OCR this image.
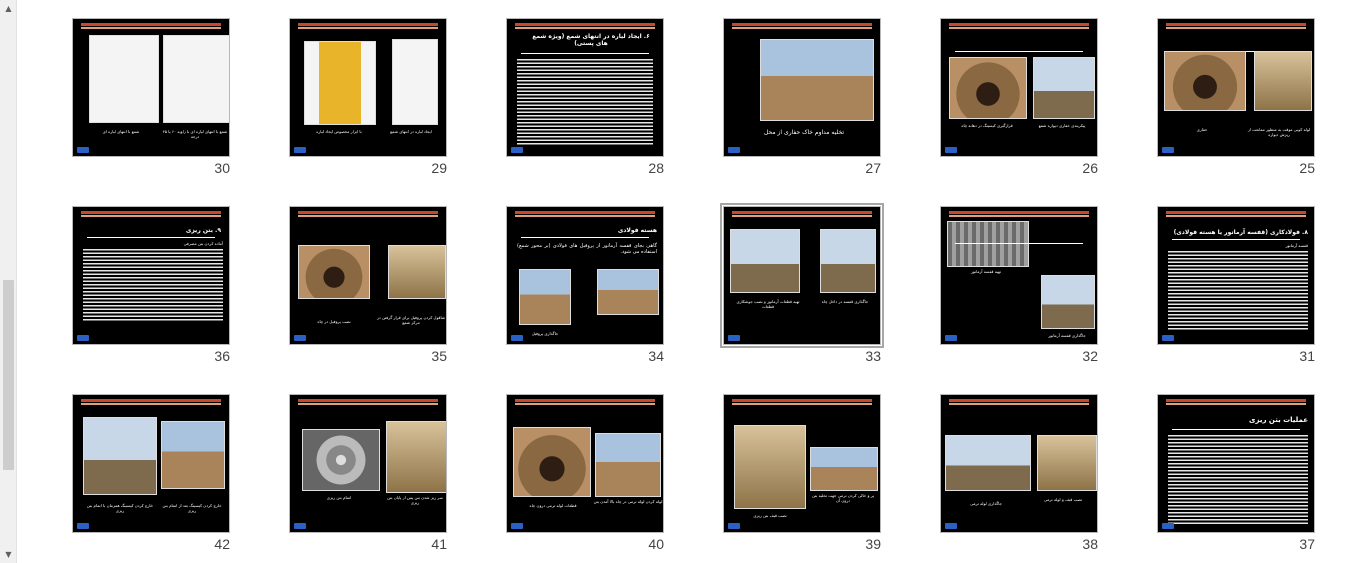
▲
▼
لوله کوبی موقت به منظور ممانعت از ریزش دیواره
حفاری
25
پیکربندی حفاری دیواره شمع
قرارگیری کیسینگ در دهانه چاه
26
تخلیه مداوم خاک حفاری از محل
27
۶. ایجاد لیاره در انتهای شمع (ویژه شمع های پستی)
28
ایجاد لیاره در انتهای شمع
با ابزار مخصوص ایجاد لیاره
29
شمع با انتهای لیاره ای با زاویه ۶۰ یا ۴۵ درجه
شمع با انتهای لیاره ای
30
۸. فولادکاری (قفسه آرماتور یا هسته فولادی)
قفسه آرماتور
31
تهیه قفسه آرماتور
جاگذاری قفسه آرماتور
32
جاگذاری قفسه در داخل چاه
تهیه قطعات آرماتور و نصب جوشکاری قطعات
33
هسته فولادی
گاهی بجای قفسه آرماتور از پروفیل های فولادی (بر محور شمع) استفاده می شود.
جاگذاری پروفیل
34
شاقول کردن پروفیل برای قرار گرفتن در مرکز شمع
نصب پروفیل در چاه
35
۹. بتن ریزی
آماده کردن بتن مصرفی
36
عملیات بتن ریزی
37
نصب قیف و لوله ترمی
جاگذاری لوله ترمی
38
پر و خالی کردن ترمی جهت تخلیه بتن درون آن
نصب قیف بتن ریزی
39
لوله کردن لوله ترمی در چاه بالا آمدن بتن
قطعات لوله ترمی درون چاه
40
سر ریز شدن بتن پس از پایان بتن ریزی
اتمام بتن ریزی
41
خارج کردن کیسینگ بعد از اتمام بتن ریزی
خارج کردن کیسینگ همزمان با اتمام بتن ریزی
42
